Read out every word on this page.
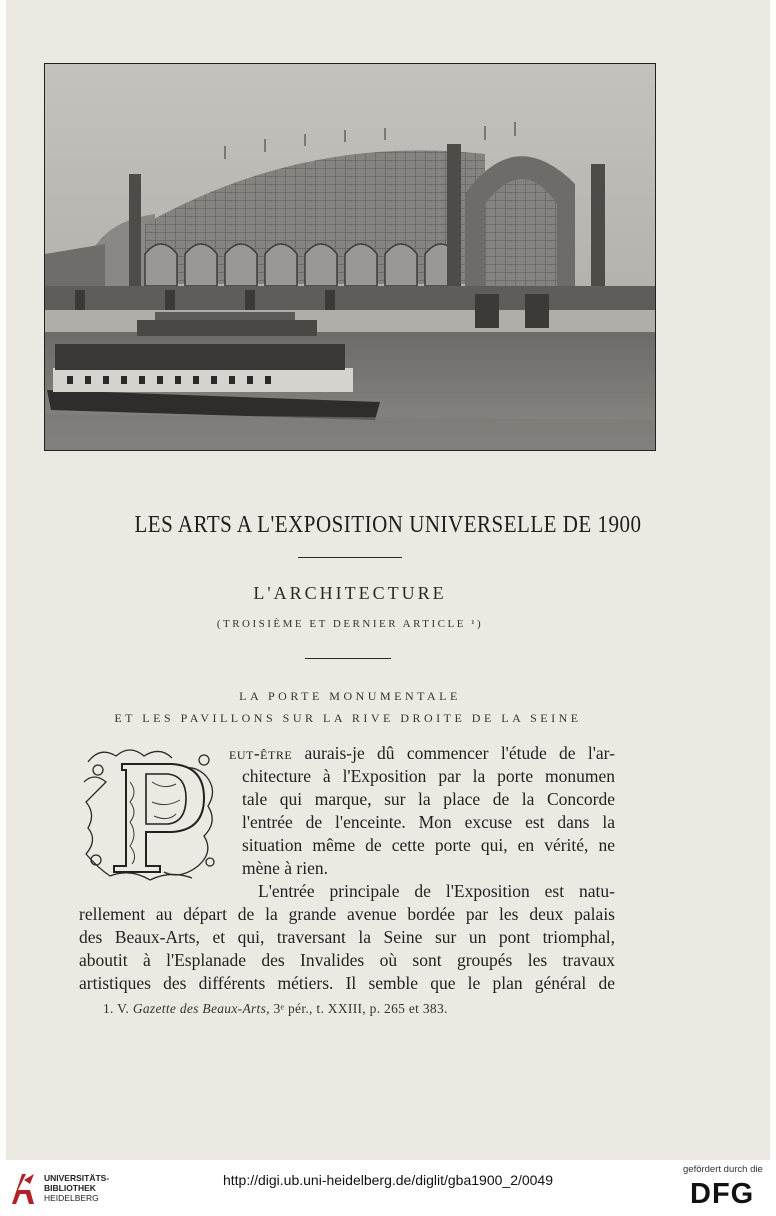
LES ARTS A L'EXPOSITION UNIVERSELLE DE 1900
L'ARCHITECTURE
(TROISIÈME ET DERNIER ARTICLE ¹)
LA PORTE MONUMENTALE
ET LES PAVILLONS SUR LA RIVE DROITE DE LA SEINE
eut-être aurais-je dû commencer l'étude de l'ar-
chitecture à l'Exposition par la porte monumen
tale qui marque, sur la place de la Concorde
l'entrée de l'enceinte. Mon excuse est dans la
situation même de cette porte qui, en vérité, ne
mène à rien.
L'entrée principale de l'Exposition est natu-
rellement au départ de la grande avenue bordée par les deux palais
des Beaux-Arts, et qui, traversant la Seine sur un pont triomphal,
aboutit à l'Esplanade des Invalides où sont groupés les travaux
artistiques des différents métiers. Il semble que le plan général de
1. V. Gazette des Beaux-Arts, 3ᵉ pér., t. XXIII, p. 265 et 383.
UNIVERSITÄTS-
BIBLIOTHEK
HEIDELBERG
http://digi.ub.uni-heidelberg.de/diglit/gba1900_2/0049
gefördert durch die
DFG
